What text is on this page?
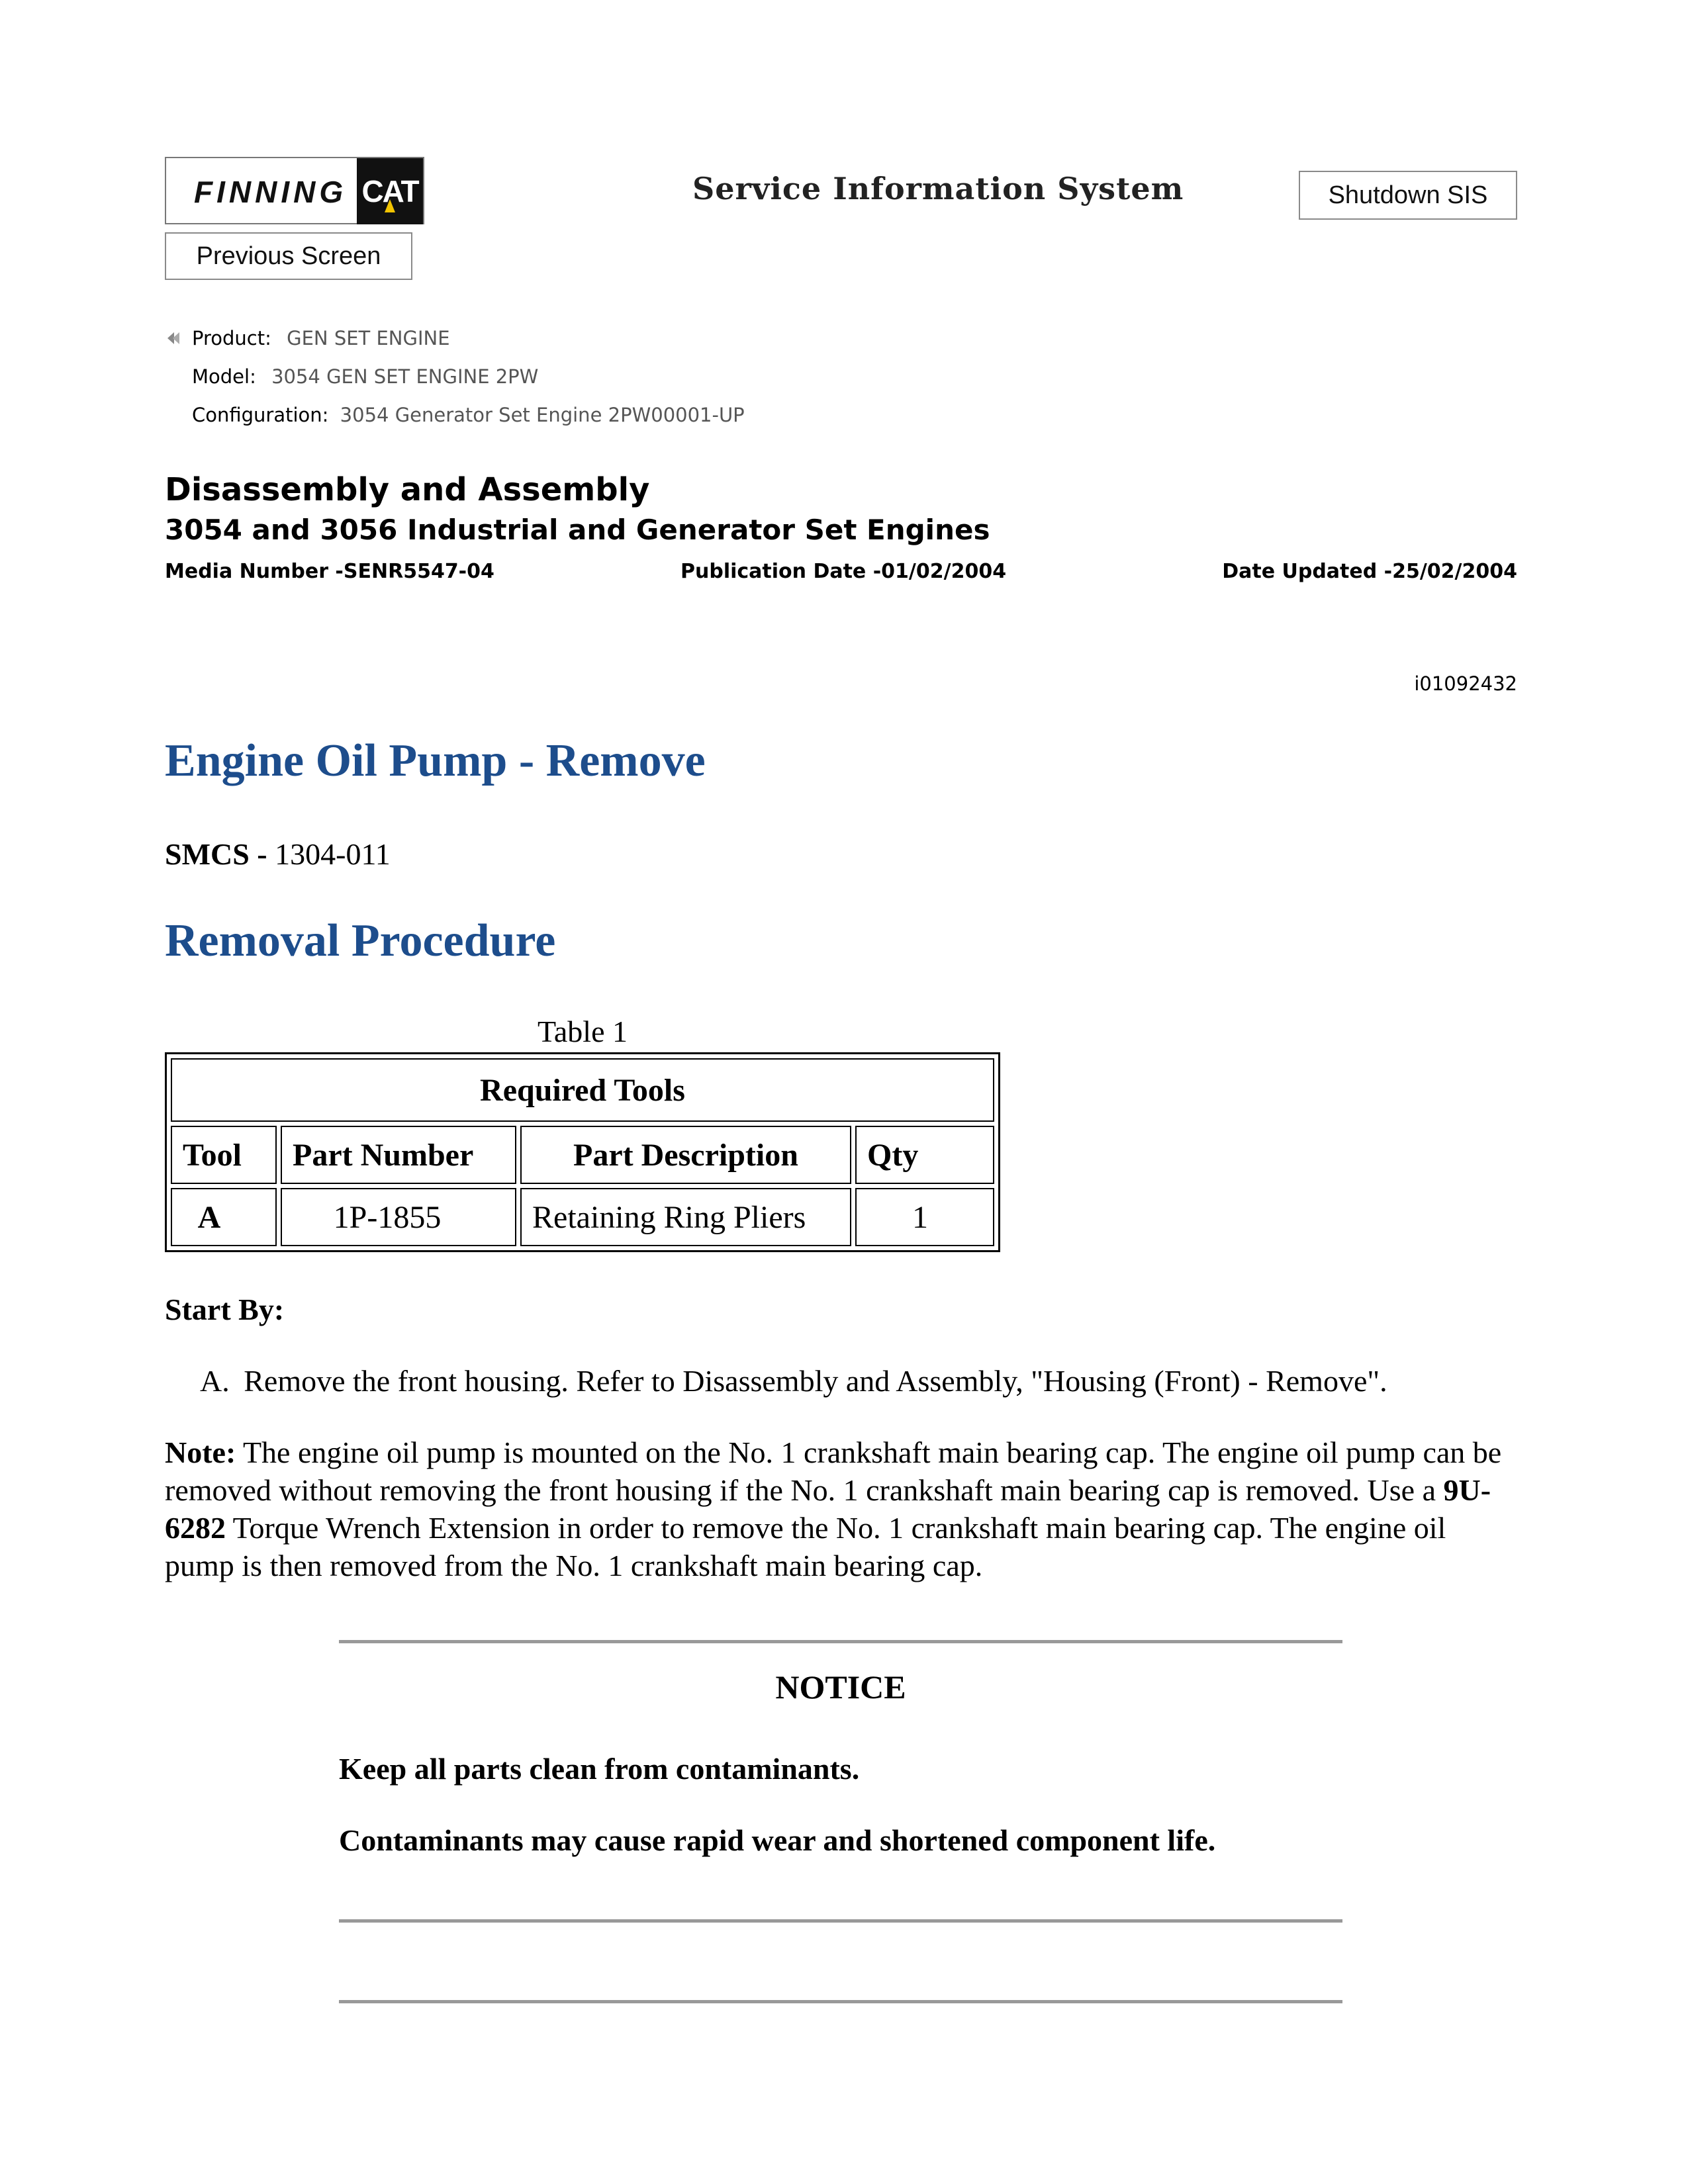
FINNING CAT	Service Information System	Shutdown SIS
Previous Screen
Product: GEN SET ENGINE
Model: 3054 GEN SET ENGINE 2PW
Configuration: 3054 Generator Set Engine 2PW00001-UP
Disassembly and Assembly
3054 and 3056 Industrial and Generator Set Engines
Media Number -SENR5547-04	Publication Date -01/02/2004	Date Updated -25/02/2004
i01092432
Engine Oil Pump - Remove
SMCS - 1304-011
Removal Procedure
Table 1
Required Tools			
Tool	Part Number	Part Description	Qty
A	1P-1855	Retaining Ring Pliers	1
Start By:
A. Remove the front housing. Refer to Disassembly and Assembly, "Housing (Front) - Remove".
Note: The engine oil pump is mounted on the No. 1 crankshaft main bearing cap. The engine oil pump can be removed without removing the front housing if the No. 1 crankshaft main bearing cap is removed. Use a 9U-6282 Torque Wrench Extension in order to remove the No. 1 crankshaft main bearing cap. The engine oil pump is then removed from the No. 1 crankshaft main bearing cap.
NOTICE
Keep all parts clean from contaminants.
Contaminants may cause rapid wear and shortened component life.
